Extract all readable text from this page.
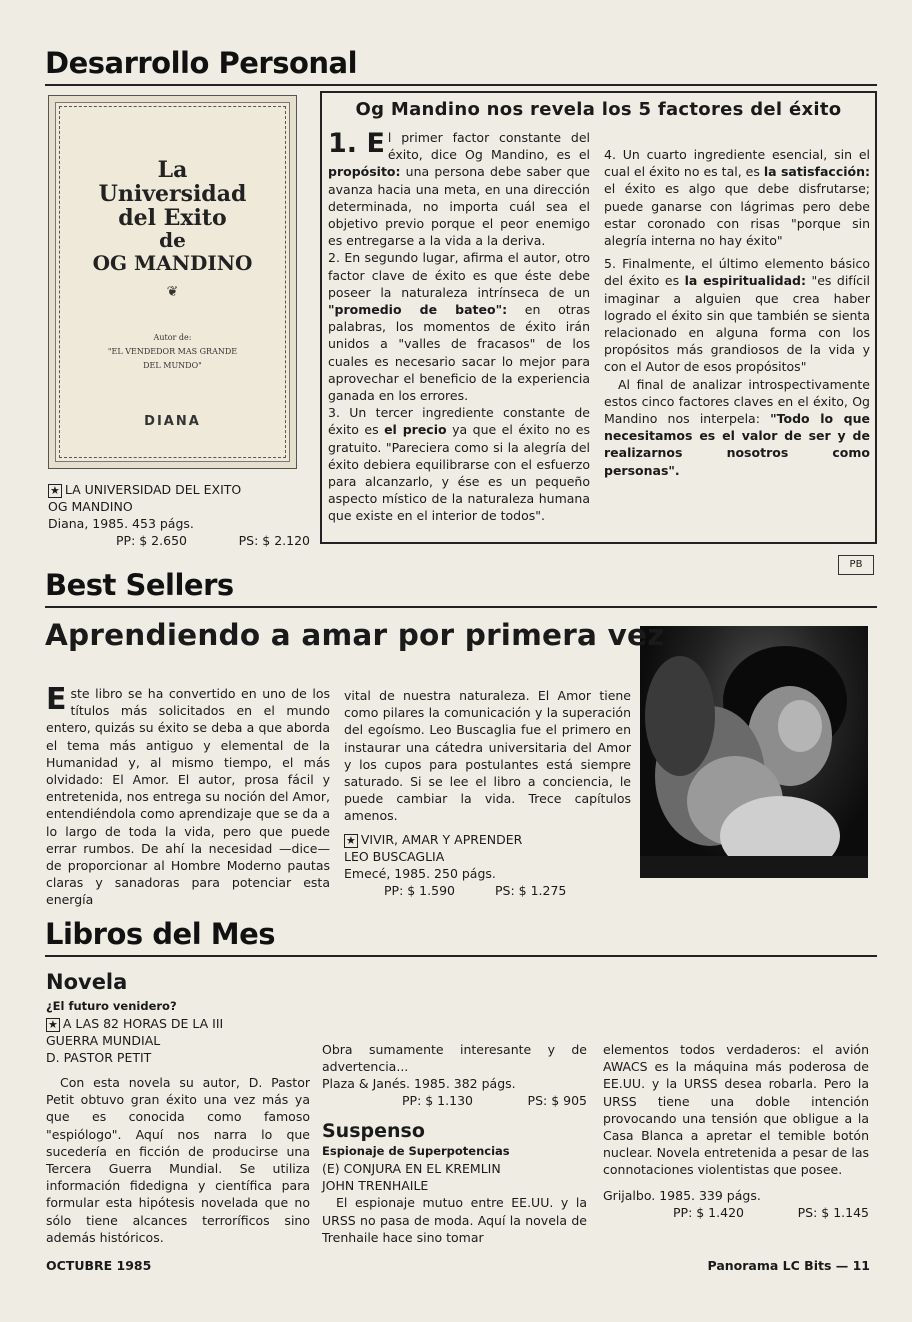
Desarrollo Personal
La
Universidad
del Exito
de
OG MANDINO
❦
Autor de:
"EL VENDEDOR MAS GRANDE
DEL MUNDO"
DIANA
★ LA UNIVERSIDAD DEL EXITO
OG MANDINO
Diana, 1985. 453 págs.
PP: $ 2.650	PS: $ 2.120
Og Mandino nos revela los 5 factores del éxito

1. E l primer factor constante del éxito, dice Og Mandino, es el propósito: una persona debe saber que avanza hacia una meta, en una dirección determinada, no importa cuál sea el objetivo previo porque el peor enemigo es entregarse a la vida a la deriva.

2. En segundo lugar, afirma el autor, otro factor clave de éxito es que éste debe poseer la naturaleza intrínseca de un "promedio de bateo": en otras palabras, los momentos de éxito irán unidos a "valles de fracasos" de los cuales es necesario sacar lo mejor para aprovechar el beneficio de la experiencia ganada en los errores.

3. Un tercer ingrediente constante de éxito es el precio ya que el éxito no es gratuito. "Pareciera como si la alegría del éxito debiera equilibrarse con el esfuerzo para alcanzarlo, y ése es un pequeño aspecto místico de la naturaleza humana que existe en el interior de todos".

4. Un cuarto ingrediente esencial, sin el cual el éxito no es tal, es la satisfacción: el éxito es algo que debe disfrutarse; puede ganarse con lágrimas pero debe estar coronado con risas "porque sin alegría interna no hay éxito"

5. Finalmente, el último elemento básico del éxito es la espiritualidad: "es difícil imaginar a alguien que crea haber logrado el éxito sin que también se sienta relacionado en alguna forma con los propósitos más grandiosos de la vida y con el Autor de esos propósitos"

Al final de analizar introspectivamente estos cinco factores claves en el éxito, Og Mandino nos interpela: "Todo lo que necesitamos es el valor de ser y de realizarnos nosotros como personas".

PB
Best Sellers
Aprendiendo a amar por primera vez

Este libro se ha convertido en uno de los títulos más solicitados en el mundo entero, quizás su éxito se deba a que aborda el tema más antiguo y elemental de la Humanidad y, al mismo tiempo, el más olvidado: El Amor. El autor, prosa fácil y entretenida, nos entrega su noción del Amor, entendiéndola como aprendizaje que se da a lo largo de toda la vida, pero que puede errar rumbos. De ahí la necesidad —dice— de proporcionar al Hombre Moderno pautas claras y sanadoras para potenciar esta energía

vital de nuestra naturaleza. El Amor tiene como pilares la comunicación y la superación del egoísmo. Leo Buscaglia fue el primero en instaurar una cátedra universitaria del Amor y los cupos para postulantes está siempre saturado. Si se lee el libro a conciencia, le puede cambiar la vida. Trece capítulos amenos.

★ VIVIR, AMAR Y APRENDER
LEO BUSCAGLIA
Emecé, 1985. 250 págs.
PP: $ 1.590	PS: $ 1.275
Libros del Mes
Novela
¿El futuro venidero?
★ A LAS 82 HORAS DE LA III
GUERRA MUNDIAL
D. PASTOR PETIT

Con esta novela su autor, D. Pastor Petit obtuvo gran éxito una vez más ya que es conocida como famoso "espiólogo". Aquí nos narra lo que sucedería en ficción de producirse una Tercera Guerra Mundial. Se utiliza información fidedigna y científica para formular esta hipótesis novelada que no sólo tiene alcances terroríficos sino además históricos.

Obra sumamente interesante y de advertencia...

Plaza & Janés. 1985. 382 págs.
PP: $ 1.130	PS: $ 905
Suspenso
Espionaje de Superpotencias
(E) CONJURA EN EL KREMLIN
JOHN TRENHAILE

El espionaje mutuo entre EE.UU. y la URSS no pasa de moda. Aquí la novela de Trenhaile hace sino tomar

elementos todos verdaderos: el avión AWACS es la máquina más poderosa de EE.UU. y la URSS desea robarla. Pero la URSS tiene una doble intención provocando una tensión que obligue a la Casa Blanca a apretar el temible botón nuclear. Novela entretenida a pesar de las connotaciones violentistas que posee.

Grijalbo. 1985. 339 págs.
PP: $ 1.420	PS: $ 1.145
OCTUBRE 1985	Panorama LC Bits — 11
